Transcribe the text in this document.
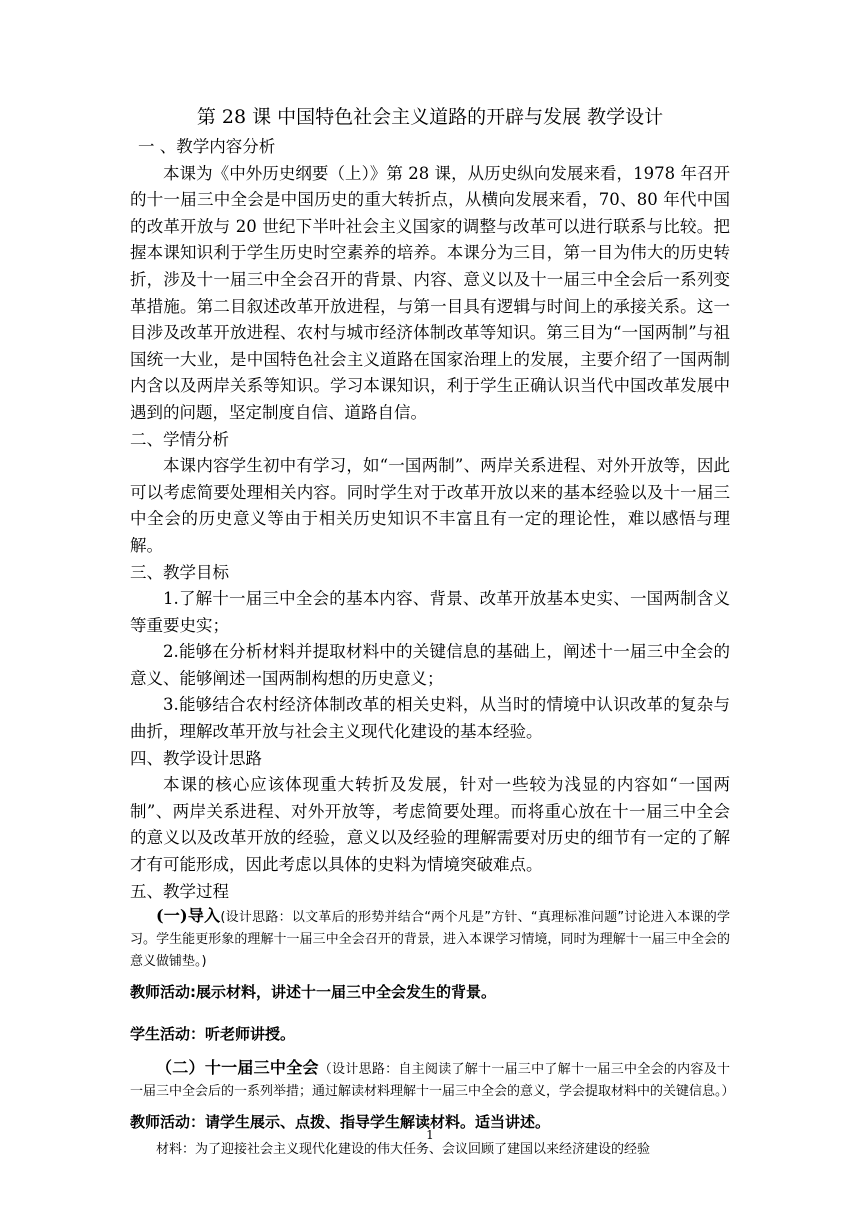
第 28 课 中国特色社会主义道路的开辟与发展 教学设计

一 、教学内容分析

本课为《中外历史纲要（上）》第 28 课，从历史纵向发展来看，1978 年召开的十一届三中全会是中国历史的重大转折点，从横向发展来看，70、80 年代中国的改革开放与 20 世纪下半叶社会主义国家的调整与改革可以进行联系与比较。把握本课知识利于学生历史时空素养的培养。本课分为三目，第一目为伟大的历史转折，涉及十一届三中全会召开的背景、内容、意义以及十一届三中全会后一系列变革措施。第二目叙述改革开放进程，与第一目具有逻辑与时间上的承接关系。这一目涉及改革开放进程、农村与城市经济体制改革等知识。第三目为“一国两制”与祖国统一大业，是中国特色社会主义道路在国家治理上的发展，主要介绍了一国两制内含以及两岸关系等知识。学习本课知识，利于学生正确认识当代中国改革发展中遇到的问题，坚定制度自信、道路自信。

二、学情分析

本课内容学生初中有学习，如“一国两制”、两岸关系进程、对外开放等，因此可以考虑简要处理相关内容。同时学生对于改革开放以来的基本经验以及十一届三中全会的历史意义等由于相关历史知识不丰富且有一定的理论性，难以感悟与理解。

三、教学目标

1.了解十一届三中全会的基本内容、背景、改革开放基本史实、一国两制含义等重要史实；

2.能够在分析材料并提取材料中的关键信息的基础上，阐述十一届三中全会的意义、能够阐述一国两制构想的历史意义；

3.能够结合农村经济体制改革的相关史料，从当时的情境中认识改革的复杂与曲折，理解改革开放与社会主义现代化建设的基本经验。

四、教学设计思路

本课的核心应该体现重大转折及发展，针对一些较为浅显的内容如“一国两制”、两岸关系进程、对外开放等，考虑简要处理。而将重心放在十一届三中全会的意义以及改革开放的经验，意义以及经验的理解需要对历史的细节有一定的了解才有可能形成，因此考虑以具体的史料为情境突破难点。

五、教学过程

(一)导入(设计思路：以文革后的形势并结合“两个凡是”方针、“真理标准问题”讨论进入本课的学习。学生能更形象的理解十一届三中全会召开的背景，进入本课学习情境，同时为理解十一届三中全会的意义做铺垫。)

教师活动:展示材料，讲述十一届三中全会发生的背景。

学生活动：听老师讲授。

（二）十一届三中全会（设计思路：自主阅读了解十一届三中了解十一届三中全会的内容及十一届三中全会后的一系列举措；通过解读材料理解十一届三中全会的意义，学会提取材料中的关键信息。）

教师活动：请学生展示、点拨、指导学生解读材料。适当讲述。

材料：为了迎接社会主义现代化建设的伟大任务、会议回顾了建国以来经济建设的经验

1
